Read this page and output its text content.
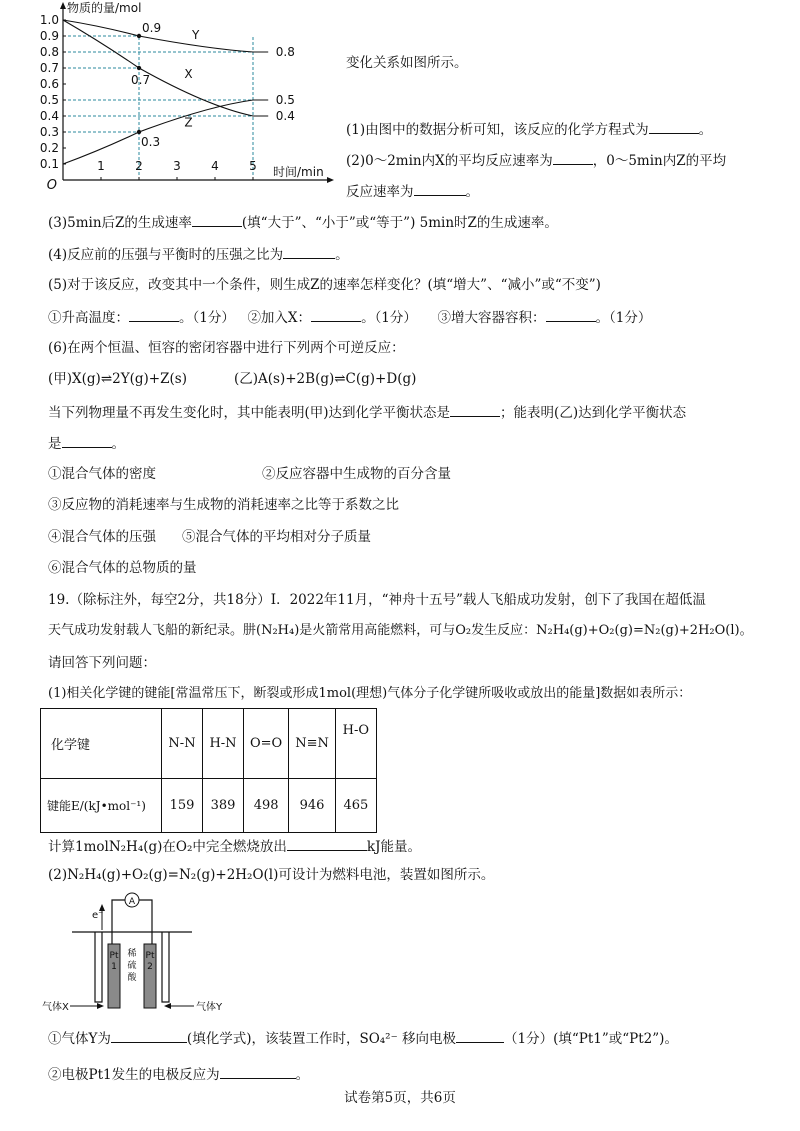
物质的量/mol
时间/min
O
1	2	3	4	5
0.1
0.2
0.3
0.4
0.5
0.6
0.7
0.8
0.9
1.0
0.9	Y
0.8
0.7	X
0.4
0.3
Z
0.5
变化关系如图所示。
(1)由图中的数据分析可知，该反应的化学方程式为	。
(2)0～2min内X的平均反应速率为	，0～5min内Z的平均
反应速率为	。
(3)5min后Z的生成速率	(填“大于”、“小于”或“等于”) 5min时Z的生成速率。
(4)反应前的压强与平衡时的压强之比为	。
(5)对于该反应，改变其中一个条件，则生成Z的速率怎样变化？(填“增大”、“减小”或“不变”)
①升高温度：	。（1分） ②加入X：	。（1分） ③增大容器容积：	。（1分）
(6)在两个恒温、恒容的密闭容器中进行下列两个可逆反应：
(甲)X(g)⇌2Y(g)+Z(s)	(乙)A(s)+2B(g)⇌C(g)+D(g)
当下列物理量不再发生变化时，其中能表明(甲)达到化学平衡状态是	；能表明(乙)达到化学平衡状态
是	。
①混合气体的密度	②反应容器中生成物的百分含量
③反应物的消耗速率与生成物的消耗速率之比等于系数之比
④混合气体的压强 ⑤混合气体的平均相对分子质量
⑥混合气体的总物质的量
19.（除标注外，每空2分，共18分）I．2022年11月，“神舟十五号”载人飞船成功发射，创下了我国在超低温
天气成功发射载人飞船的新纪录。肼(N₂H₄)是火箭常用高能燃料，可与O₂发生反应：N₂H₄(g)+O₂(g)=N₂(g)+2H₂O(l)。
请回答下列问题：
(1)相关化学键的键能[常温常压下，断裂或形成1mol(理想)气体分子化学键所吸收或放出的能量]数据如表所示：
化学键	N-N	H-N	O=O	N≡N	H-O
键能E/(kJ•mol⁻¹)	159	389	498	946	465
计算1molN₂H₄(g)在O₂中完全燃烧放出	kJ能量。
(2)N₂H₄(g)+O₂(g)=N₂(g)+2H₂O(l)可设计为燃料电池，装置如图所示。
A
e⁻
Pt
1
Pt
2
稀
硫
酸
气体X	气体Y
①气体Y为	(填化学式)，该装置工作时，SO₄²⁻ 移向电极	（1分）(填“Pt1”或“Pt2”)。
②电极Pt1发生的电极反应为	。
试卷第5页，共6页
